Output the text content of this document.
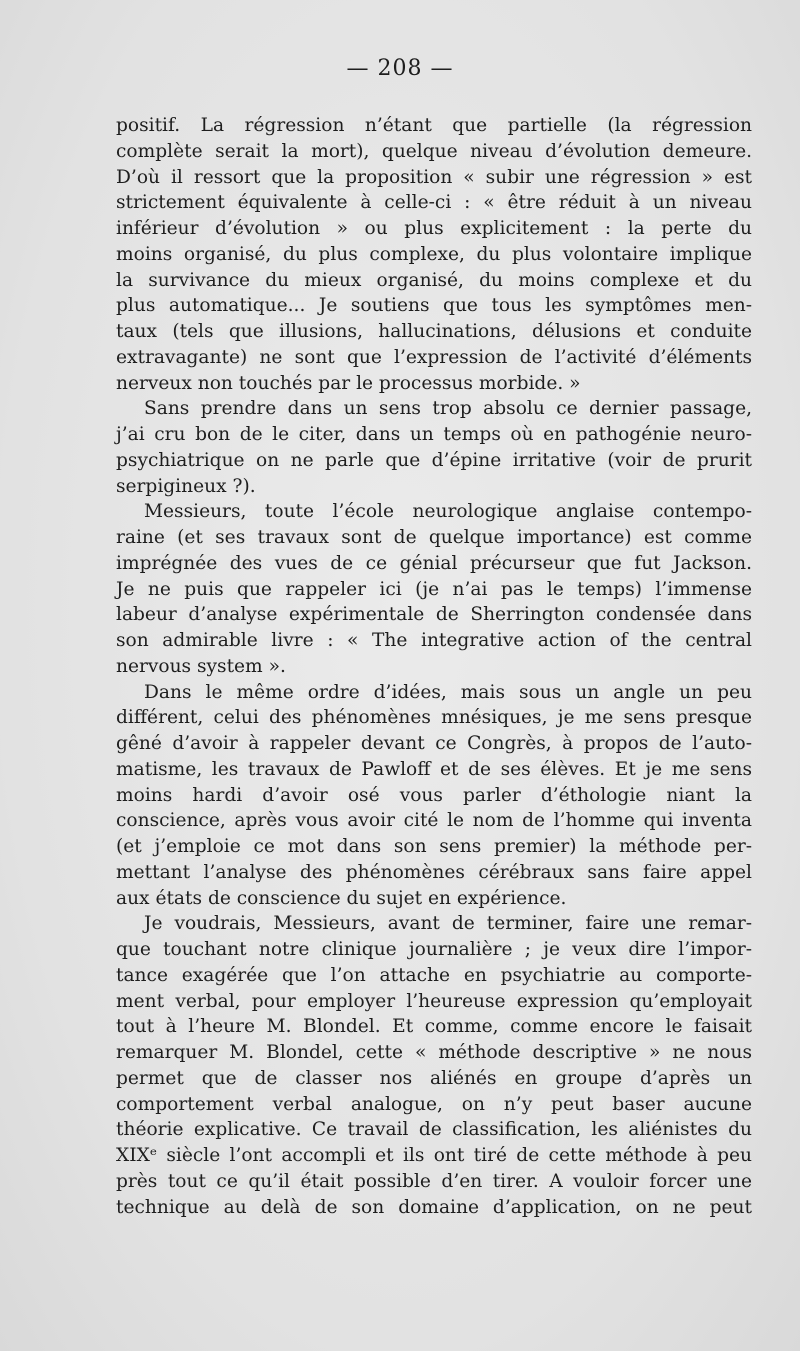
— 208 —
positif. La régression n’étant que partielle (la régression
complète serait la mort), quelque niveau d’évolution demeure.
D’où il ressort que la proposition « subir une régression » est
strictement équivalente à celle-ci : « être réduit à un niveau
inférieur d’évolution » ou plus explicitement : la perte du
moins organisé, du plus complexe, du plus volontaire implique
la survivance du mieux organisé, du moins complexe et du
plus automatique... Je soutiens que tous les symptômes men-
taux (tels que illusions, hallucinations, délusions et conduite
extravagante) ne sont que l’expression de l’activité d’éléments
nerveux non touchés par le processus morbide. »
Sans prendre dans un sens trop absolu ce dernier passage,
j’ai cru bon de le citer, dans un temps où en pathogénie neuro-
psychiatrique on ne parle que d’épine irritative (voir de prurit
serpigineux ?).
Messieurs, toute l’école neurologique anglaise contempo-
raine (et ses travaux sont de quelque importance) est comme
imprégnée des vues de ce génial précurseur que fut Jackson.
Je ne puis que rappeler ici (je n’ai pas le temps) l’immense
labeur d’analyse expérimentale de Sherrington condensée dans
son admirable livre : « The integrative action of the central
nervous system ».
Dans le même ordre d’idées, mais sous un angle un peu
différent, celui des phénomènes mnésiques, je me sens presque
gêné d’avoir à rappeler devant ce Congrès, à propos de l’auto-
matisme, les travaux de Pawloff et de ses élèves. Et je me sens
moins hardi d’avoir osé vous parler d’éthologie niant la
conscience, après vous avoir cité le nom de l’homme qui inventa
(et j’emploie ce mot dans son sens premier) la méthode per-
mettant l’analyse des phénomènes cérébraux sans faire appel
aux états de conscience du sujet en expérience.
Je voudrais, Messieurs, avant de terminer, faire une remar-
que touchant notre clinique journalière ; je veux dire l’impor-
tance exagérée que l’on attache en psychiatrie au comporte-
ment verbal, pour employer l’heureuse expression qu’employait
tout à l’heure M. Blondel. Et comme, comme encore le faisait
remarquer M. Blondel, cette « méthode descriptive » ne nous
permet que de classer nos aliénés en groupe d’après un
comportement verbal analogue, on n’y peut baser aucune
théorie explicative. Ce travail de classification, les aliénistes du
XIXᵉ siècle l’ont accompli et ils ont tiré de cette méthode à peu
près tout ce qu’il était possible d’en tirer. A vouloir forcer une
technique au delà de son domaine d’application, on ne peut
